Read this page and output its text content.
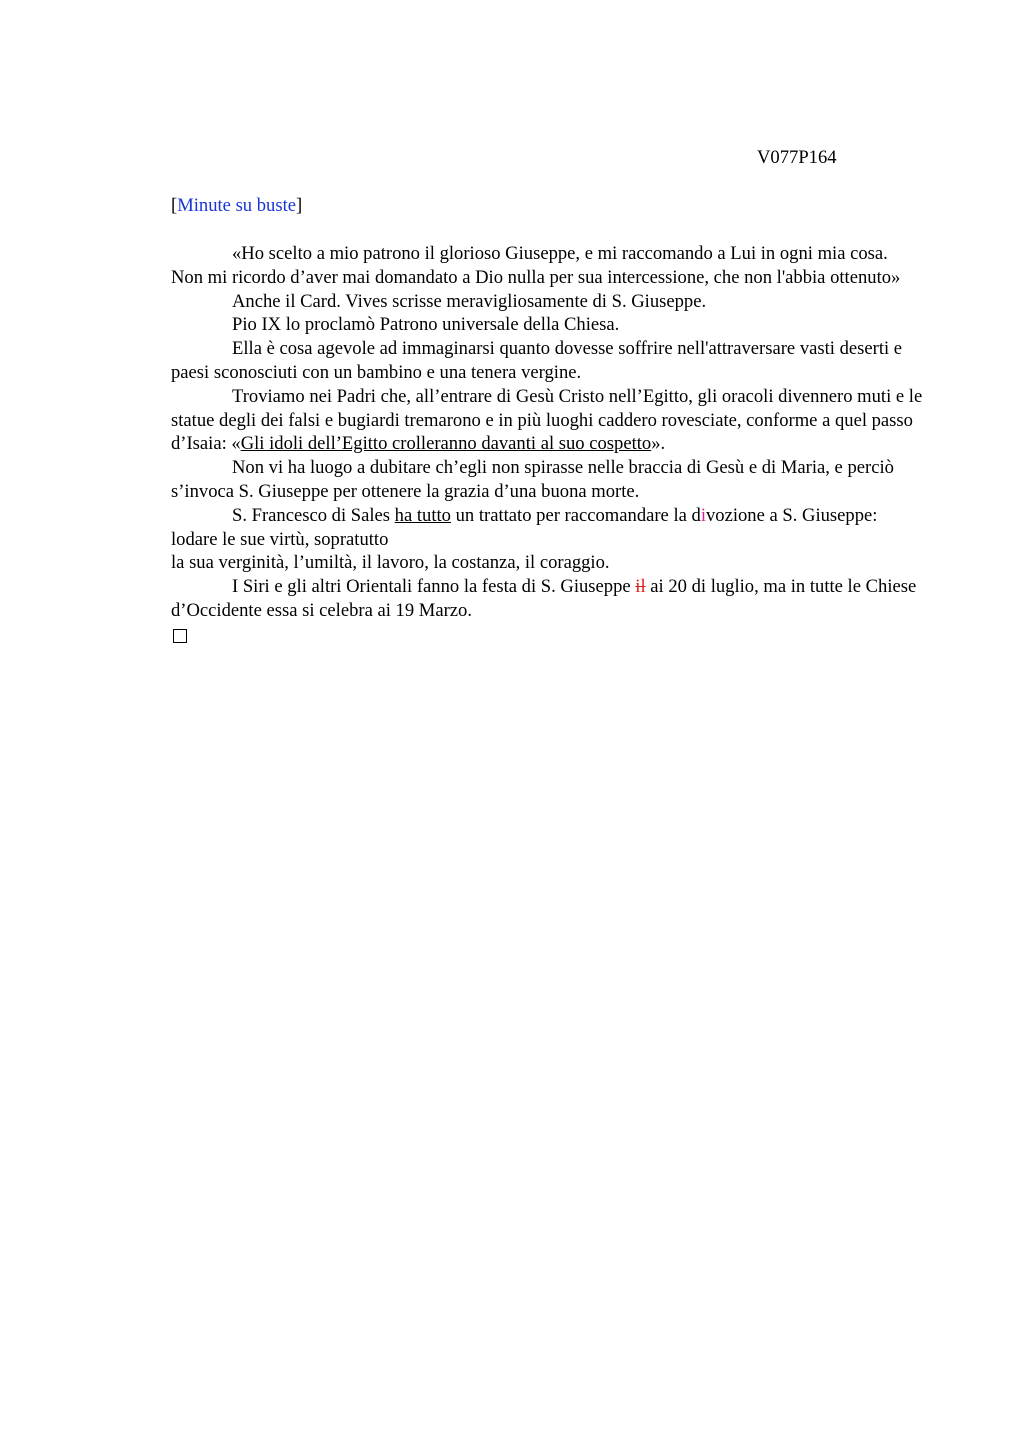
V077P164
[Minute su buste]

«Ho scelto a mio patrono il glorioso Giuseppe, e mi raccomando a Lui in ogni mia cosa. Non mi ricordo d’aver mai domandato a Dio nulla per sua intercessione, che non l'abbia ottenuto»

Anche il Card. Vives scrisse meravigliosamente di S. Giuseppe.

Pio IX lo proclamò Patrono universale della Chiesa.

Ella è cosa agevole ad immaginarsi quanto dovesse soffrire nell'attraversare vasti deserti e paesi sconosciuti con un bambino e una tenera vergine.

Troviamo nei Padri che, all’entrare di Gesù Cristo nell’Egitto, gli oracoli divennero muti e le statue degli dei falsi e bugiardi tremarono e in più luoghi caddero rovesciate, conforme a quel passo d’Isaia: «Gli idoli dell’Egitto crolleranno davanti al suo cospetto».

Non vi ha luogo a dubitare ch’egli non spirasse nelle braccia di Gesù e di Maria, e perciò s’invoca S. Giuseppe per ottenere la grazia d’una buona morte.

S. Francesco di Sales ha tutto un trattato per raccomandare la divozione a S. Giuseppe: lodare le sue virtù, sopratutto

la sua verginità, l’umiltà, il lavoro, la costanza, il coraggio.

I Siri e gli altri Orientali fanno la festa di S. Giuseppe il ai 20 di luglio, ma in tutte le Chiese d’Occidente essa si celebra ai 19 Marzo.
